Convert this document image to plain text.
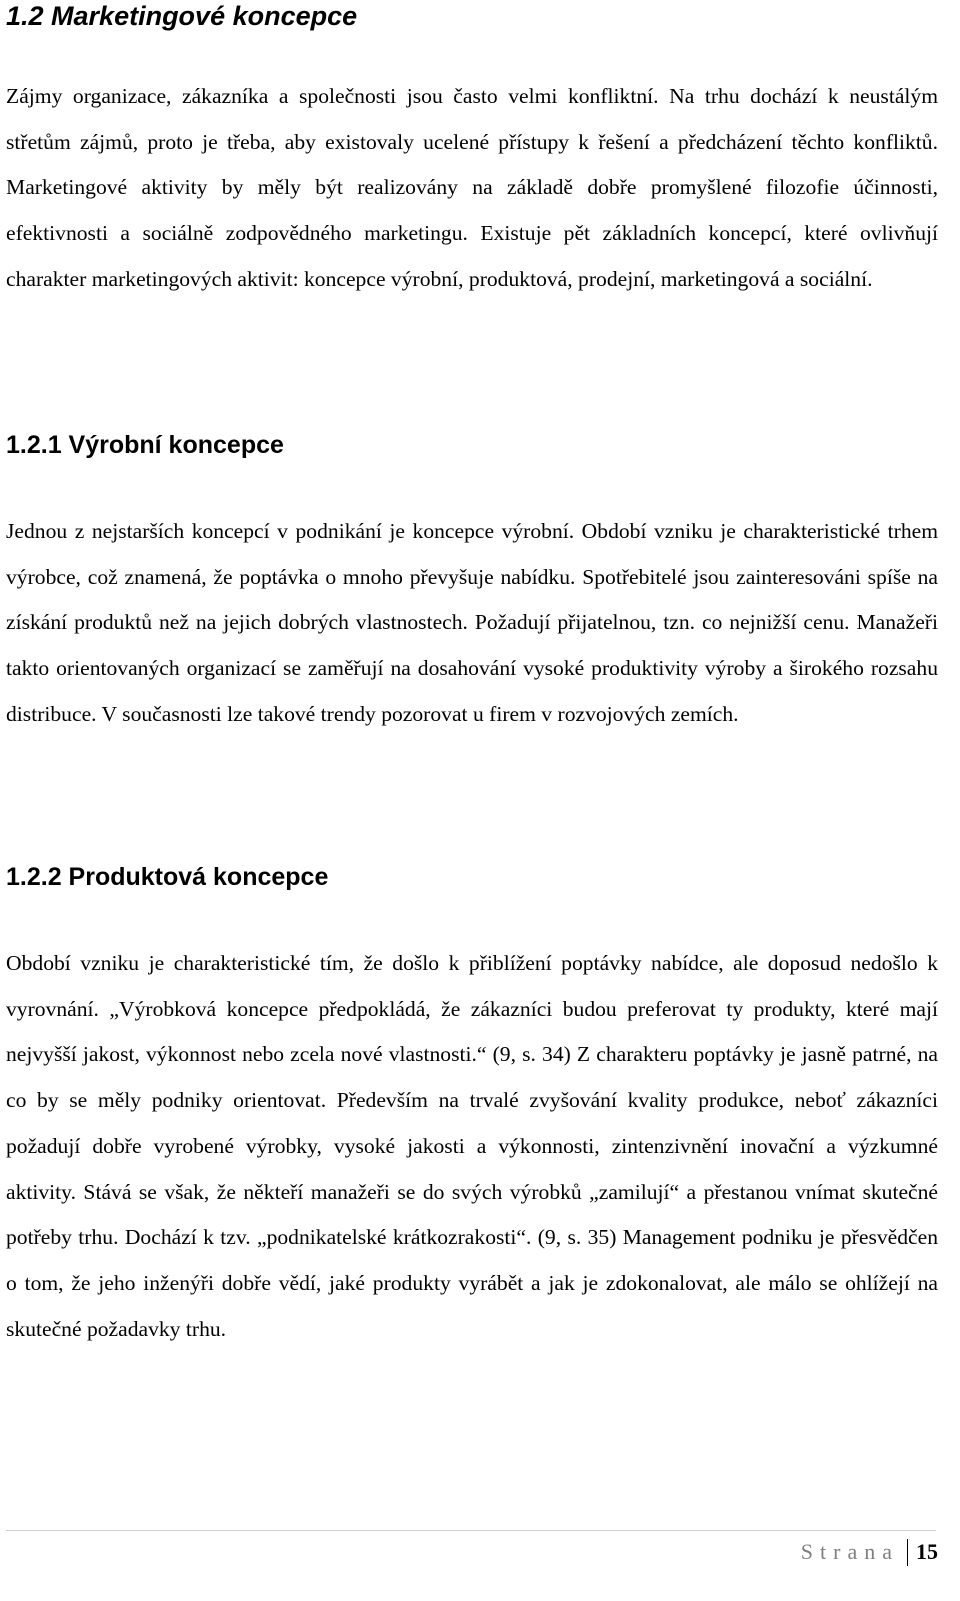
1.2 Marketingové koncepce

Zájmy organizace, zákazníka a společnosti jsou často velmi konfliktní. Na trhu dochází k neustálým střetům zájmů, proto je třeba, aby existovaly ucelené přístupy k řešení a předcházení těchto konfliktů. Marketingové aktivity by měly být realizovány na základě dobře promyšlené filozofie účinnosti, efektivnosti a sociálně zodpovědného marketingu. Existuje pět základních koncepcí, které ovlivňují charakter marketingových aktivit: koncepce výrobní, produktová, prodejní, marketingová a sociální.

1.2.1 Výrobní koncepce

Jednou z nejstarších koncepcí v podnikání je koncepce výrobní. Období vzniku je charakteristické trhem výrobce, což znamená, že poptávka o mnoho převyšuje nabídku. Spotřebitelé jsou zainteresováni spíše na získání produktů než na jejich dobrých vlastnostech. Požadují přijatelnou, tzn. co nejnižší cenu. Manažeři takto orientovaných organizací se zaměřují na dosahování vysoké produktivity výroby a širokého rozsahu distribuce. V současnosti lze takové trendy pozorovat u firem v rozvojových zemích.

1.2.2 Produktová koncepce

Období vzniku je charakteristické tím, že došlo k přiblížení poptávky nabídce, ale doposud nedošlo k vyrovnání. „Výrobková koncepce předpokládá, že zákazníci budou preferovat ty produkty, které mají nejvyšší jakost, výkonnost nebo zcela nové vlastnosti.“ (9, s. 34) Z charakteru poptávky je jasně patrné, na co by se měly podniky orientovat. Především na trvalé zvyšování kvality produkce, neboť zákazníci požadují dobře vyrobené výrobky, vysoké jakosti a výkonnosti, zintenzivnění inovační a výzkumné aktivity. Stává se však, že někteří manažeři se do svých výrobků „zamilují“ a přestanou vnímat skutečné potřeby trhu. Dochází k tzv. „podnikatelské krátkozrakosti“. (9, s. 35) Management podniku je přesvědčen o tom, že jeho inženýři dobře vědí, jaké produkty vyrábět a jak je zdokonalovat, ale málo se ohlížejí na skutečné požadavky trhu.

Strana 15
